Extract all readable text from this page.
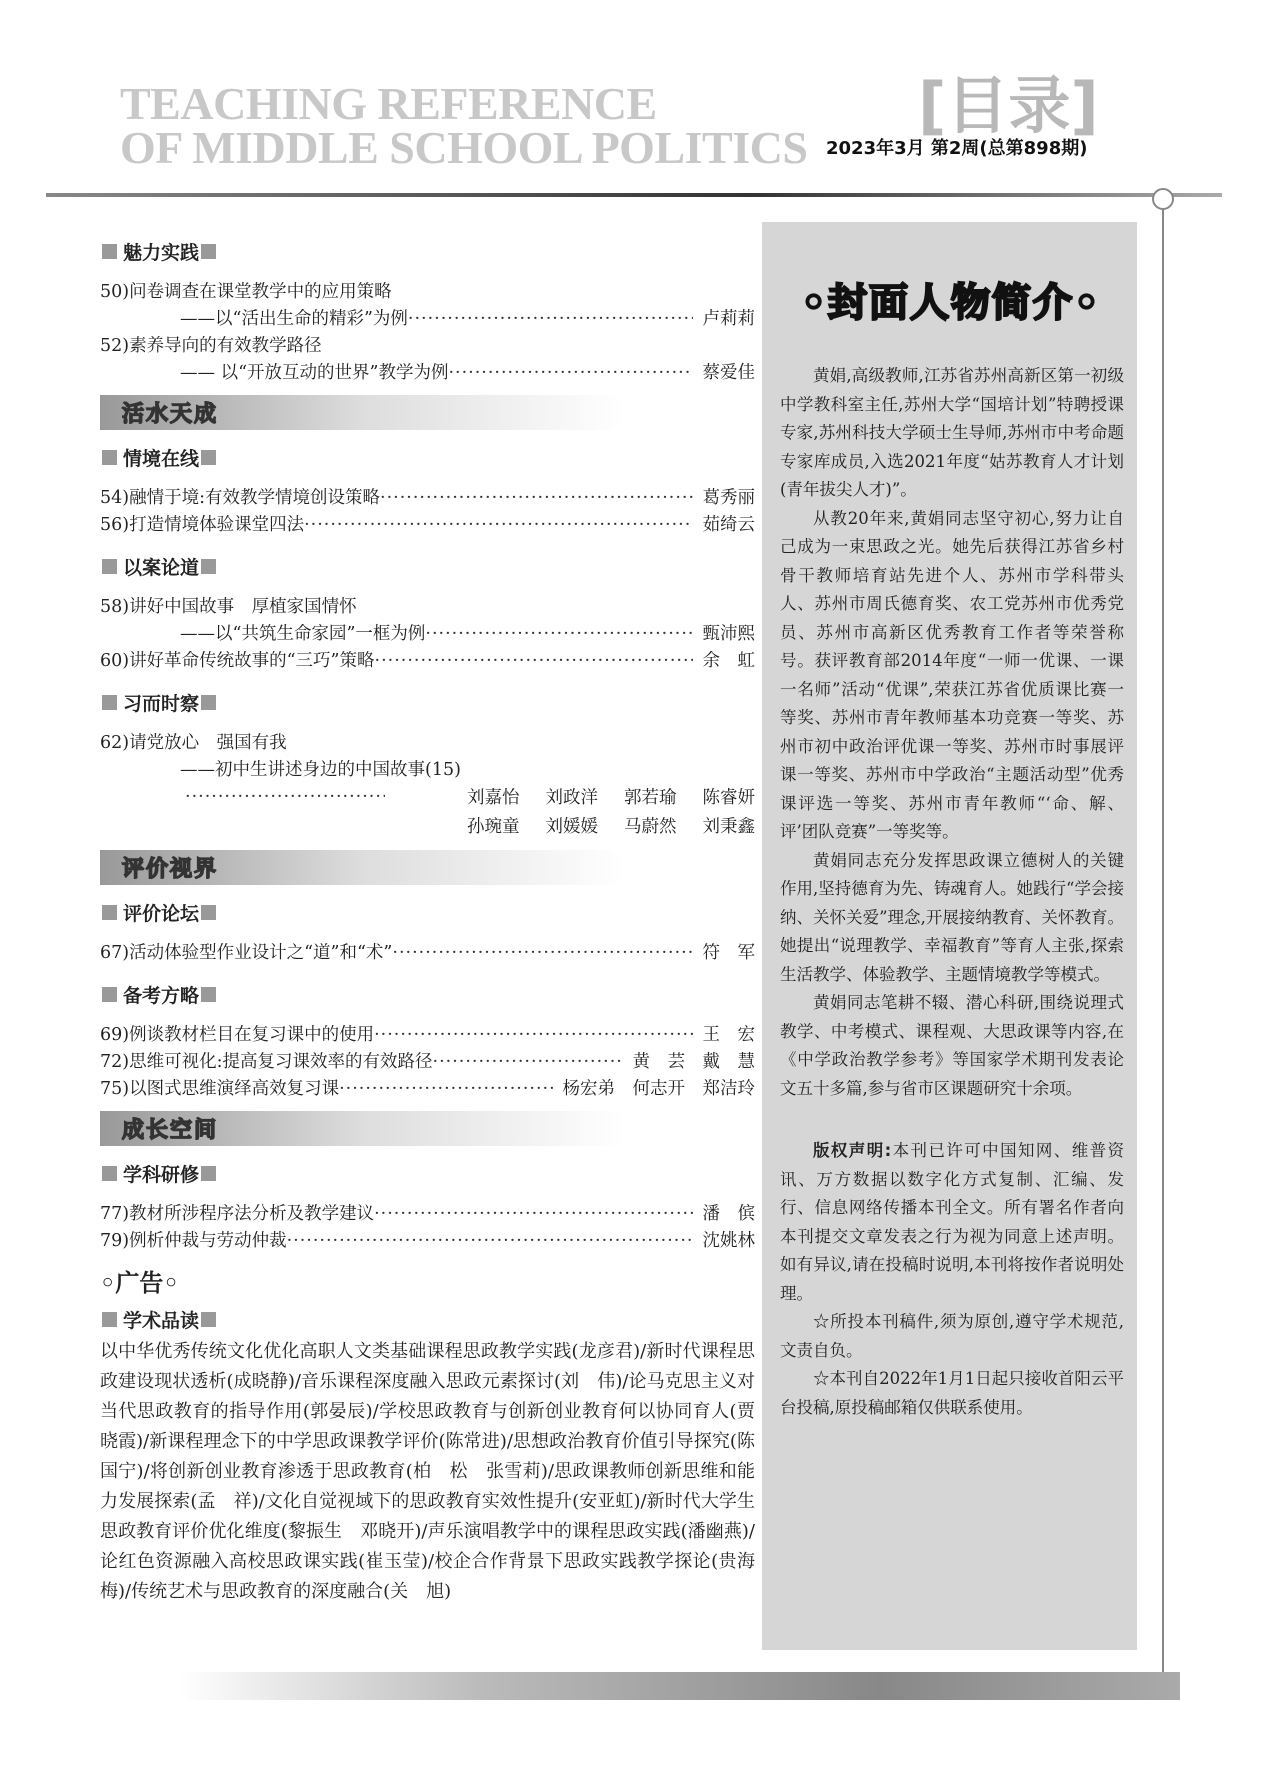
TEACHING REFERENCE
OF MIDDLE SCHOOL POLITICS
[目录]
2023年3月 第2周(总第898期)
魅力实践
50)问卷调查在课堂教学中的应用策略
——以“活出生命的精彩”为例 ·····	卢莉莉
52)素养导向的有效教学路径
—— 以“开放互动的世界”教学为例 ·····	蔡爱佳
活水天成
情境在线
54)融情于境:有效教学情境创设策略 ·····	葛秀丽
56)打造情境体验课堂四法 ·····	茹绮云
以案论道
58)讲好中国故事　厚植家国情怀
——以“共筑生命家园”一框为例 ·····	甄沛熙
60)讲好革命传统故事的“三巧”策略 ·····	余　虹
习而时察
62)请党放心　强国有我
——初中生讲述身边的中国故事(15)
·····
刘嘉怡 刘政洋 郭若瑜 陈睿妍
孙琬童 刘媛媛 马蔚然 刘秉鑫
评价视界
评价论坛
67)活动体验型作业设计之“道”和“术” ·····	符　军
备考方略
69)例谈教材栏目在复习课中的使用 ·····	王　宏
72)思维可视化:提高复习课效率的有效路径 ·····	黄　芸　戴　慧
75)以图式思维演绎高效复习课 ·····	杨宏弟　何志开　郑洁玲
成长空间
学科研修
77)教材所涉程序法分析及教学建议 ·····	潘　傧
79)例析仲裁与劳动仲裁 ·····	沈姚林
◦广告◦
学术品读
以中华优秀传统文化优化高职人文类基础课程思政教学实践(龙彦君)/新时代课程思政建设现状透析(成晓静)/音乐课程深度融入思政元素探讨(刘　伟)/论马克思主义对当代思政教育的指导作用(郭晏辰)/学校思政教育与创新创业教育何以协同育人(贾晓霞)/新课程理念下的中学思政课教学评价(陈常进)/思想政治教育价值引导探究(陈国宁)/将创新创业教育渗透于思政教育(柏　松　张雪莉)/思政课教师创新思维和能力发展探索(孟　祥)/文化自觉视域下的思政教育实效性提升(安亚虹)/新时代大学生思政教育评价优化维度(黎振生　邓晓开)/声乐演唱教学中的课程思政实践(潘幽燕)/论红色资源融入高校思政课实践(崔玉莹)/校企合作背景下思政实践教学探论(贵海梅)/传统艺术与思政教育的深度融合(关　旭)
◦封面人物简介◦

黄娟,高级教师,江苏省苏州高新区第一初级中学教科室主任,苏州大学“国培计划”特聘授课专家,苏州科技大学硕士生导师,苏州市中考命题专家库成员,入选2021年度“姑苏教育人才计划(青年拔尖人才)”。

从教20年来,黄娟同志坚守初心,努力让自己成为一束思政之光。她先后获得江苏省乡村骨干教师培育站先进个人、苏州市学科带头人、苏州市周氏德育奖、农工党苏州市优秀党员、苏州市高新区优秀教育工作者等荣誉称号。获评教育部2014年度“一师一优课、一课一名师”活动“优课”,荣获江苏省优质课比赛一等奖、苏州市青年教师基本功竞赛一等奖、苏州市初中政治评优课一等奖、苏州市时事展评课一等奖、苏州市中学政治“主题活动型”优秀课评选一等奖、苏州市青年教师“‘命、解、评’团队竞赛”一等奖等。

黄娟同志充分发挥思政课立德树人的关键作用,坚持德育为先、铸魂育人。她践行“学会接纳、关怀关爱”理念,开展接纳教育、关怀教育。她提出“说理教学、幸福教育”等育人主张,探索生活教学、体验教学、主题情境教学等模式。

黄娟同志笔耕不辍、潜心科研,围绕说理式教学、中考模式、课程观、大思政课等内容,在《中学政治教学参考》等国家学术期刊发表论文五十多篇,参与省市区课题研究十余项。

版权声明:本刊已许可中国知网、维普资讯、万方数据以数字化方式复制、汇编、发行、信息网络传播本刊全文。所有署名作者向本刊提交文章发表之行为视为同意上述声明。如有异议,请在投稿时说明,本刊将按作者说明处理。

☆所投本刊稿件,须为原创,遵守学术规范,文责自负。

☆本刊自2022年1月1日起只接收首阳云平台投稿,原投稿邮箱仅供联系使用。
